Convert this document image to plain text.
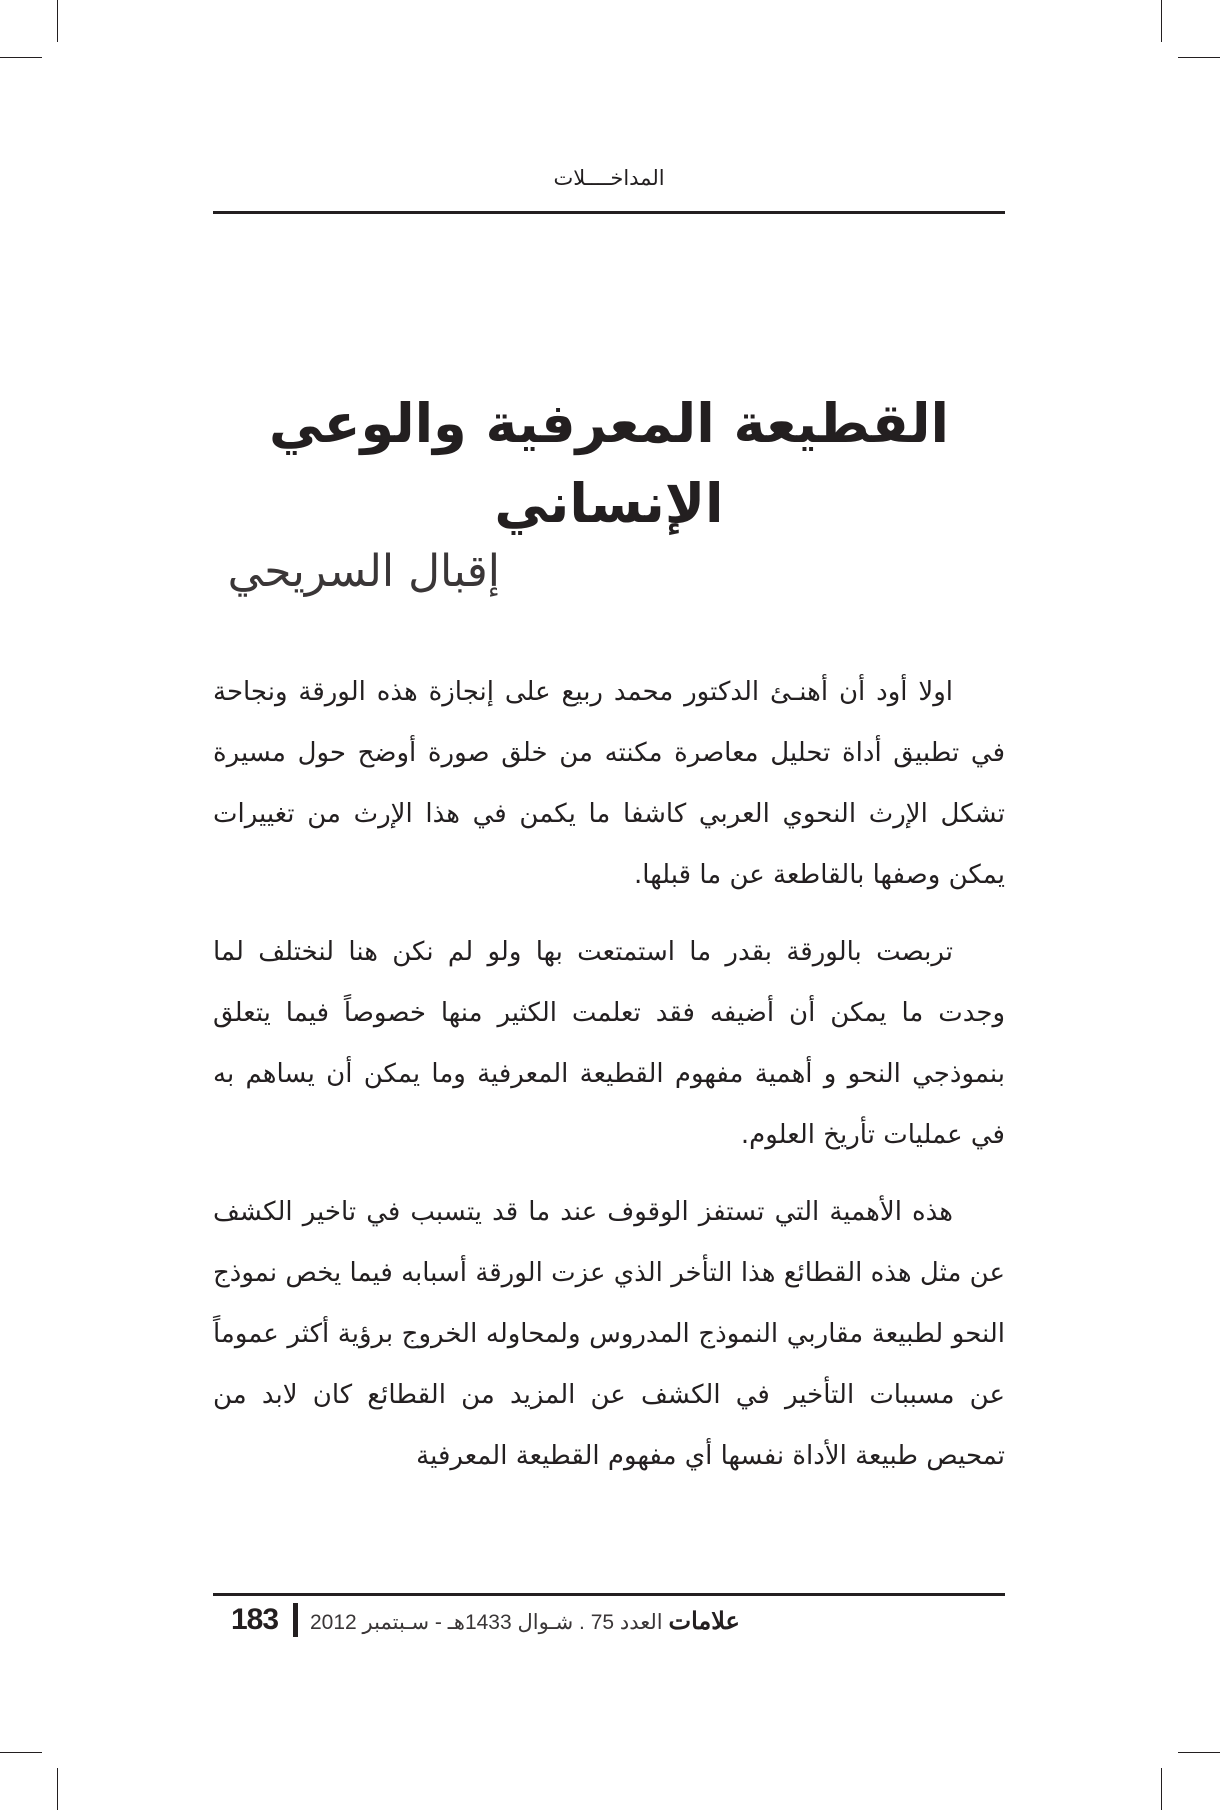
المداخــــلات
القطيعة المعرفية والوعي الإنساني
إقبال السريحي

اولا أود أن أهنـئ الدكتور محمد ربيع على إنجازة هذه الورقة ونجاحة في تطبيق أداة تحليل معاصرة مكنته من خلق صورة أوضح حول مسيرة تشكل الإرث النحوي العربي كاشفا ما يكمن في هذا الإرث من تغييرات يمكن وصفها بالقاطعة عن ما قبلها.

تربصت بالورقة بقدر ما استمتعت بها ولو لم نكن هنا لنختلف لما وجدت ما يمكن أن أضيفه فقد تعلمت الكثير منها خصوصاً فيما يتعلق بنموذجي النحو و أهمية مفهوم القطيعة المعرفية وما يمكن أن يساهم به في عمليات تأريخ العلوم.

هذه الأهمية التي تستفز الوقوف عند ما قد يتسبب في تاخير الكشف عن مثل هذه القطائع هذا التأخر الذي عزت الورقة أسبابه فيما يخص نموذج النحو لطبيعة مقاربي النموذج المدروس ولمحاوله الخروج برؤية أكثر عموماً عن مسببات التأخير في الكشف عن المزيد من القطائع كان لابد من تمحيص طبيعة الأداة نفسها أي مفهوم القطيعة المعرفية

183	علامات العدد 75 . شـوال 1433هـ - سـبتمبر 2012
